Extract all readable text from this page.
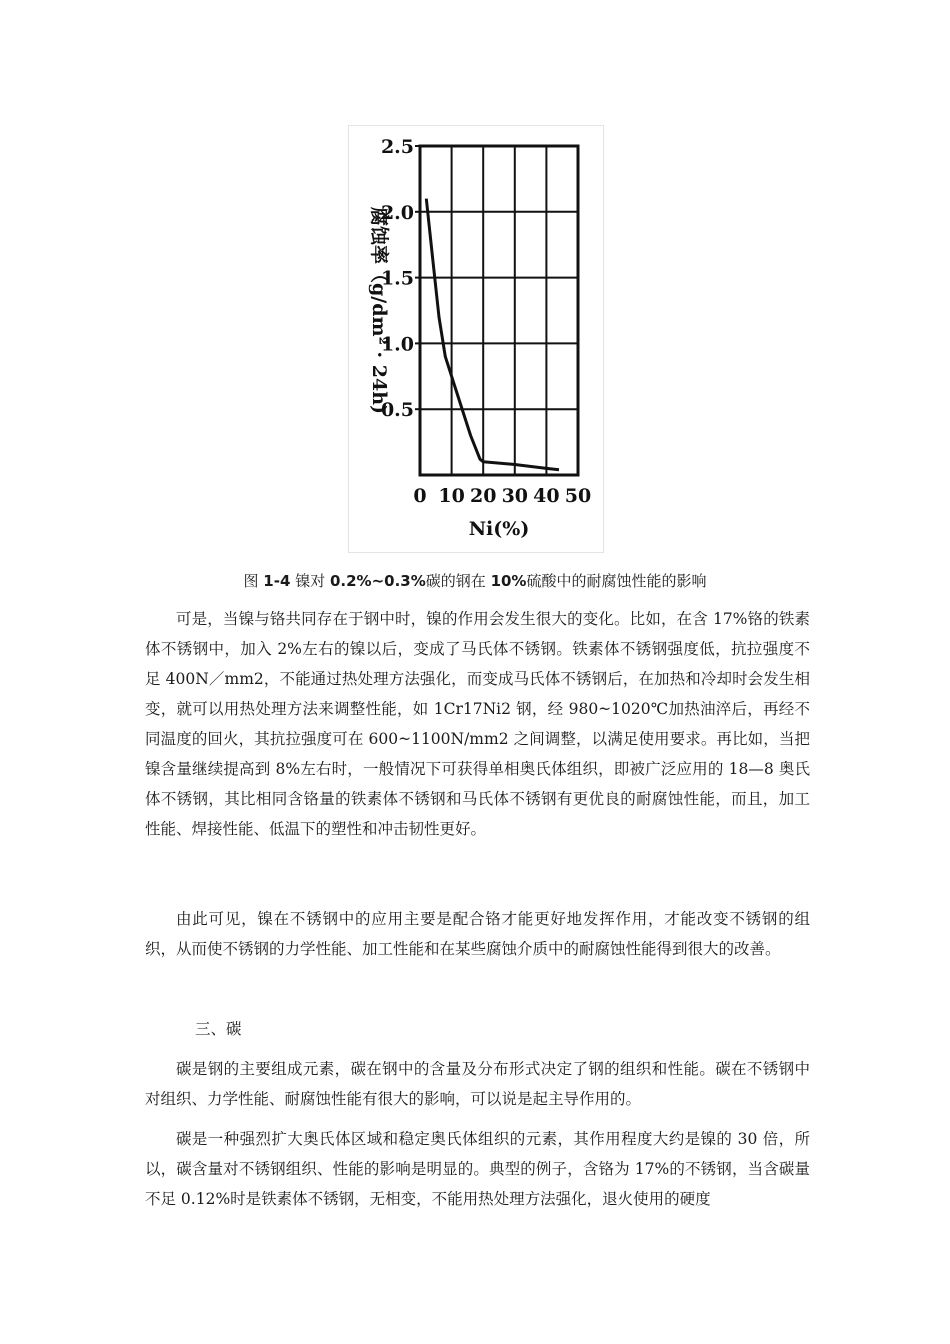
0 10 20 30 40 50
0.5
1.0
1.5
2.0
2.5
Ni(%)
腐蚀率（g/dm² · 24h)
图 1-4 镍对 0.2%~0.3%碳的钢在 10%硫酸中的耐腐蚀性能的影响

可是，当镍与铬共同存在于钢中时，镍的作用会发生很大的变化。比如，在含 17%铬的铁素体不锈钢中，加入 2%左右的镍以后，变成了马氏体不锈钢。铁素体不锈钢强度低，抗拉强度不足 400N／mm2，不能通过热处理方法强化，而变成马氏体不锈钢后，在加热和冷却时会发生相变，就可以用热处理方法来调整性能，如 1Cr17Ni2 钢，经 980~1020℃加热油淬后，再经不同温度的回火，其抗拉强度可在 600~1100N/mm2 之间调整，以满足使用要求。再比如，当把镍含量继续提高到 8%左右时，一般情况下可获得单相奥氏体组织，即被广泛应用的 18—8 奥氏体不锈钢，其比相同含铬量的铁素体不锈钢和马氏体不锈钢有更优良的耐腐蚀性能，而且，加工性能、焊接性能、低温下的塑性和冲击韧性更好。

由此可见，镍在不锈钢中的应用主要是配合铬才能更好地发挥作用，才能改变不锈钢的组织，从而使不锈钢的力学性能、加工性能和在某些腐蚀介质中的耐腐蚀性能得到很大的改善。

三、碳

碳是钢的主要组成元素，碳在钢中的含量及分布形式决定了钢的组织和性能。碳在不锈钢中对组织、力学性能、耐腐蚀性能有很大的影响，可以说是起主导作用的。

碳是一种强烈扩大奥氏体区域和稳定奥氏体组织的元素，其作用程度大约是镍的 30 倍，所以，碳含量对不锈钢组织、性能的影响是明显的。典型的例子，含铬为 17%的不锈钢，当含碳量不足 0.12%时是铁素体不锈钢，无相变，不能用热处理方法强化，退火使用的硬度
